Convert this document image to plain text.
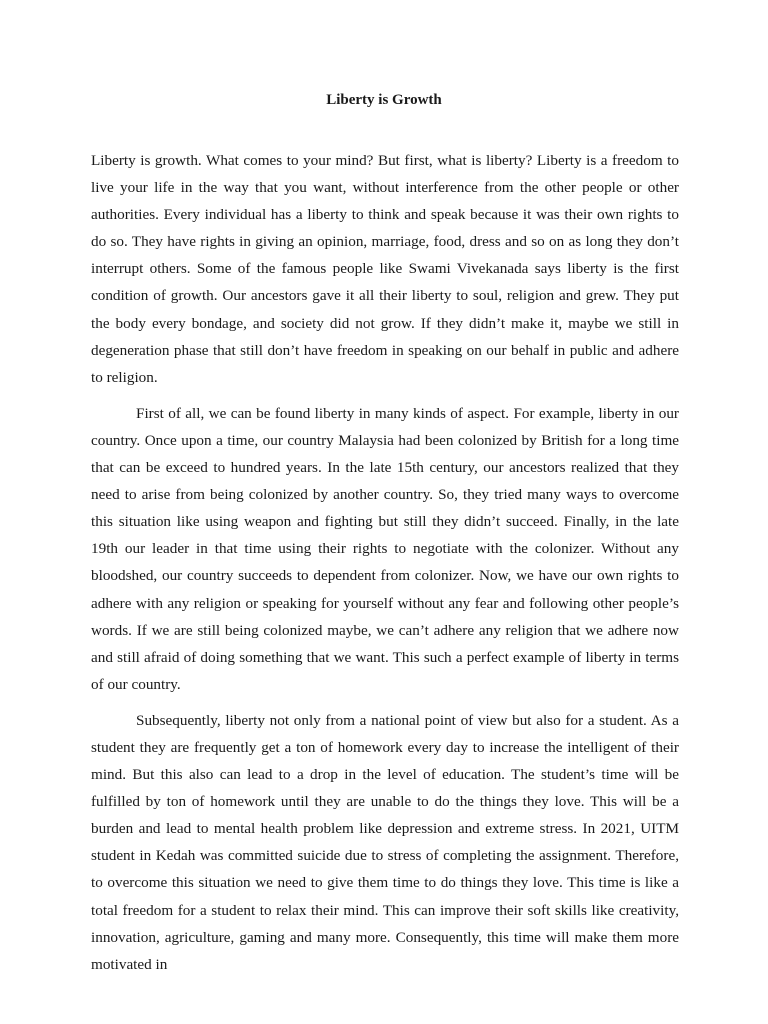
Liberty is Growth

Liberty is growth. What comes to your mind? But first, what is liberty? Liberty is a freedom to live your life in the way that you want, without interference from the other people or other authorities. Every individual has a liberty to think and speak because it was their own rights to do so. They have rights in giving an opinion, marriage, food, dress and so on as long they don’t interrupt others. Some of the famous people like Swami Vivekanada says liberty is the first condition of growth. Our ancestors gave it all their liberty to soul, religion and grew. They put the body every bondage, and society did not grow. If they didn’t make it, maybe we still in degeneration phase that still don’t have freedom in speaking on our behalf in public and adhere to religion.

First of all, we can be found liberty in many kinds of aspect. For example, liberty in our country. Once upon a time, our country Malaysia had been colonized by British for a long time that can be exceed to hundred years. In the late 15th century, our ancestors realized that they need to arise from being colonized by another country. So, they tried many ways to overcome this situation like using weapon and fighting but still they didn’t succeed. Finally, in the late 19th our leader in that time using their rights to negotiate with the colonizer. Without any bloodshed, our country succeeds to dependent from colonizer. Now, we have our own rights to adhere with any religion or speaking for yourself without any fear and following other people’s words. If we are still being colonized maybe, we can’t adhere any religion that we adhere now and still afraid of doing something that we want. This such a perfect example of liberty in terms of our country.

Subsequently, liberty not only from a national point of view but also for a student. As a student they are frequently get a ton of homework every day to increase the intelligent of their mind. But this also can lead to a drop in the level of education. The student’s time will be fulfilled by ton of homework until they are unable to do the things they love. This will be a burden and lead to mental health problem like depression and extreme stress. In 2021, UITM student in Kedah was committed suicide due to stress of completing the assignment. Therefore, to overcome this situation we need to give them time to do things they love. This time is like a total freedom for a student to relax their mind. This can improve their soft skills like creativity, innovation, agriculture, gaming and many more. Consequently, this time will make them more motivated in
